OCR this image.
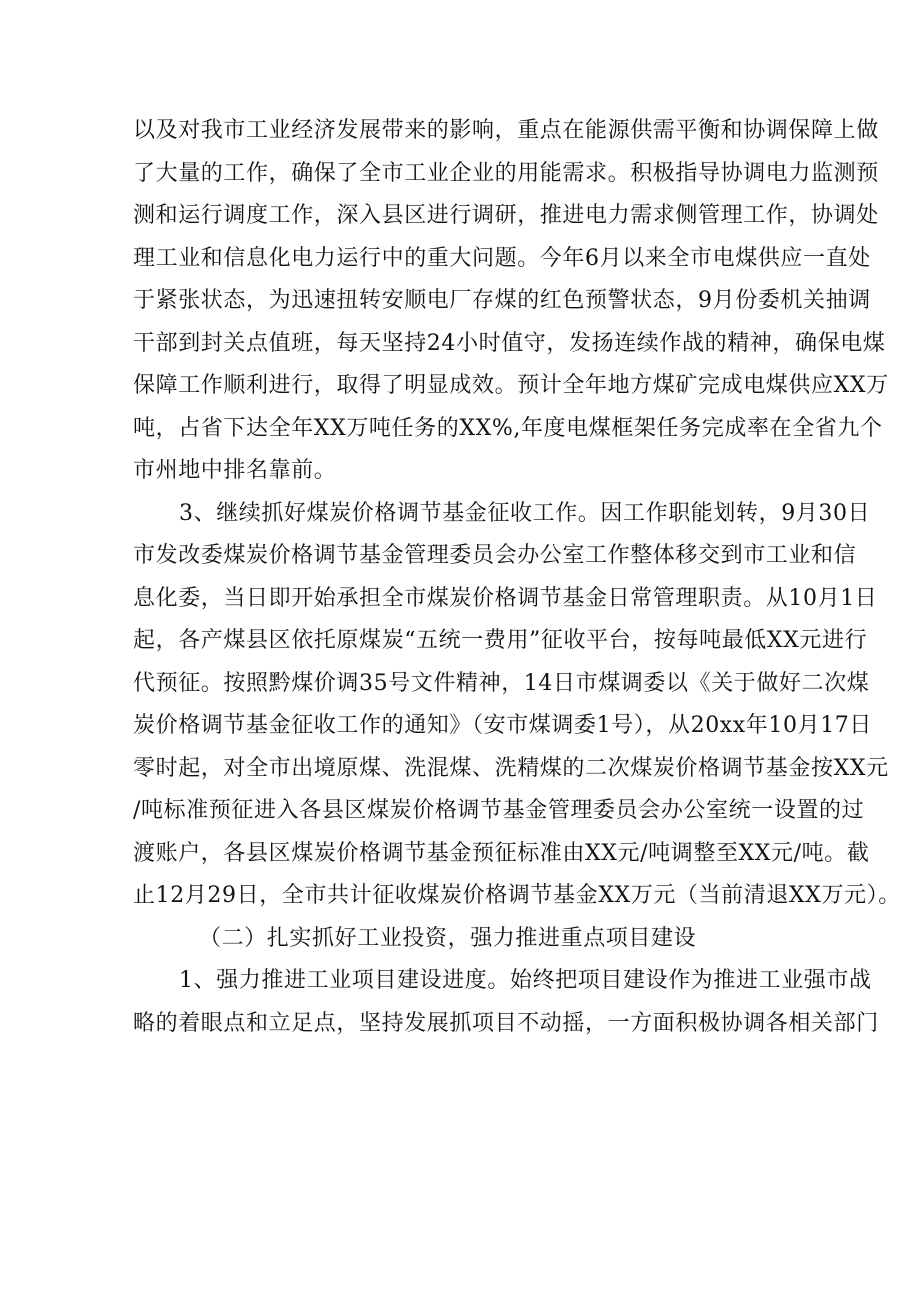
以及对我市工业经济发展带来的影响，重点在能源供需平衡和协调保障上做
了大量的工作，确保了全市工业企业的用能需求。积极指导协调电力监测预
测和运行调度工作，深入县区进行调研，推进电力需求侧管理工作，协调处
理工业和信息化电力运行中的重大问题。今年6月以来全市电煤供应一直处
于紧张状态，为迅速扭转安顺电厂存煤的红色预警状态，9月份委机关抽调
干部到封关点值班，每天坚持24小时值守，发扬连续作战的精神，确保电煤
保障工作顺利进行，取得了明显成效。预计全年地方煤矿完成电煤供应XX万
吨，占省下达全年XX万吨任务的XX%,年度电煤框架任务完成率在全省九个
市州地中排名靠前。
3、继续抓好煤炭价格调节基金征收工作。因工作职能划转，9月30日
市发改委煤炭价格调节基金管理委员会办公室工作整体移交到市工业和信
息化委，当日即开始承担全市煤炭价格调节基金日常管理职责。从10月1日
起，各产煤县区依托原煤炭“五统一费用”征收平台，按每吨最低XX元进行
代预征。按照黔煤价调35号文件精神，14日市煤调委以《关于做好二次煤
炭价格调节基金征收工作的通知》（安市煤调委1号），从20xx年10月17日
零时起，对全市出境原煤、洗混煤、洗精煤的二次煤炭价格调节基金按XX元
/吨标准预征进入各县区煤炭价格调节基金管理委员会办公室统一设置的过
渡账户，各县区煤炭价格调节基金预征标准由XX元/吨调整至XX元/吨。截
止12月29日，全市共计征收煤炭价格调节基金XX万元（当前清退XX万元）。
（二）扎实抓好工业投资，强力推进重点项目建设
1、强力推进工业项目建设进度。始终把项目建设作为推进工业强市战
略的着眼点和立足点，坚持发展抓项目不动摇，一方面积极协调各相关部门
